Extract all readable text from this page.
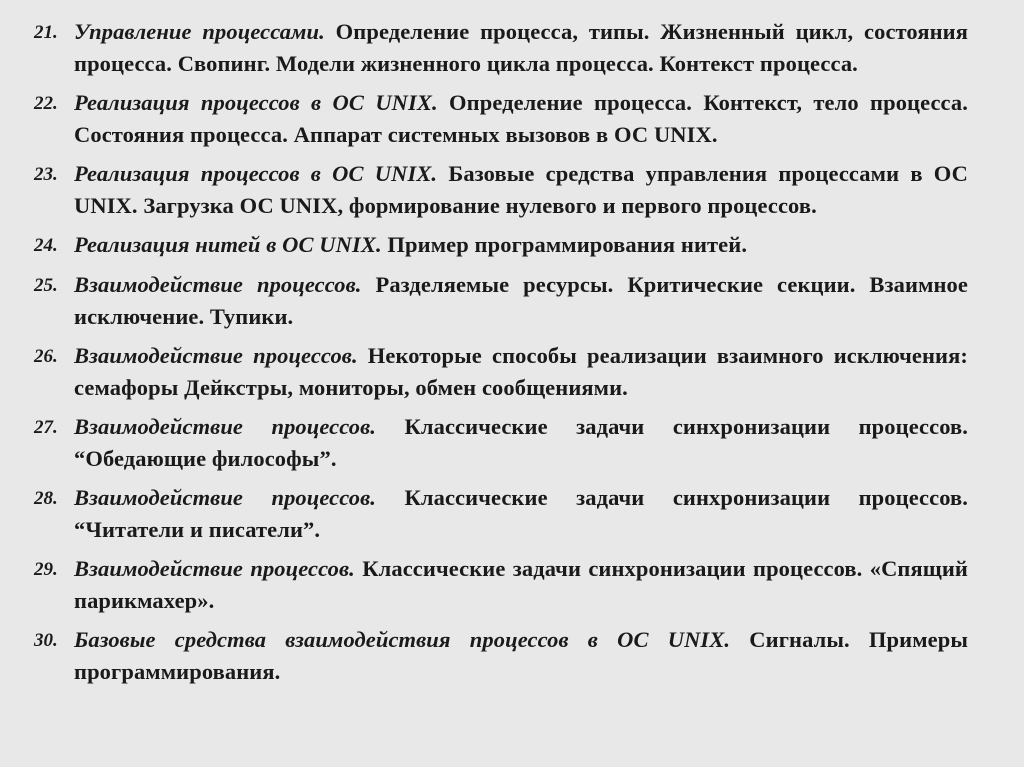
21. Управление процессами. Определение процесса, типы. Жизненный цикл, состояния процесса. Свопинг. Модели жизненного цикла процесса. Контекст процесса.
22. Реализация процессов в ОС UNIX. Определение процесса. Контекст, тело процесса. Состояния процесса. Аппарат системных вызовов в ОС UNIX.
23. Реализация процессов в ОС UNIX. Базовые средства управления процессами в ОС UNIX. Загрузка ОС UNIX, формирование нулевого и первого процессов.
24. Реализация нитей в ОС UNIX. Пример программирования нитей.
25. Взаимодействие процессов. Разделяемые ресурсы. Критические секции. Взаимное исключение. Тупики.
26. Взаимодействие процессов. Некоторые способы реализации взаимного исключения: семафоры Дейкстры, мониторы, обмен сообщениями.
27. Взаимодействие процессов. Классические задачи синхронизации процессов. “Обедающие философы”.
28. Взаимодействие процессов. Классические задачи синхронизации процессов. “Читатели и писатели”.
29. Взаимодействие процессов. Классические задачи синхронизации процессов. «Спящий парикмахер».
30. Базовые средства взаимодействия процессов в ОС UNIX. Сигналы. Примеры программирования.
